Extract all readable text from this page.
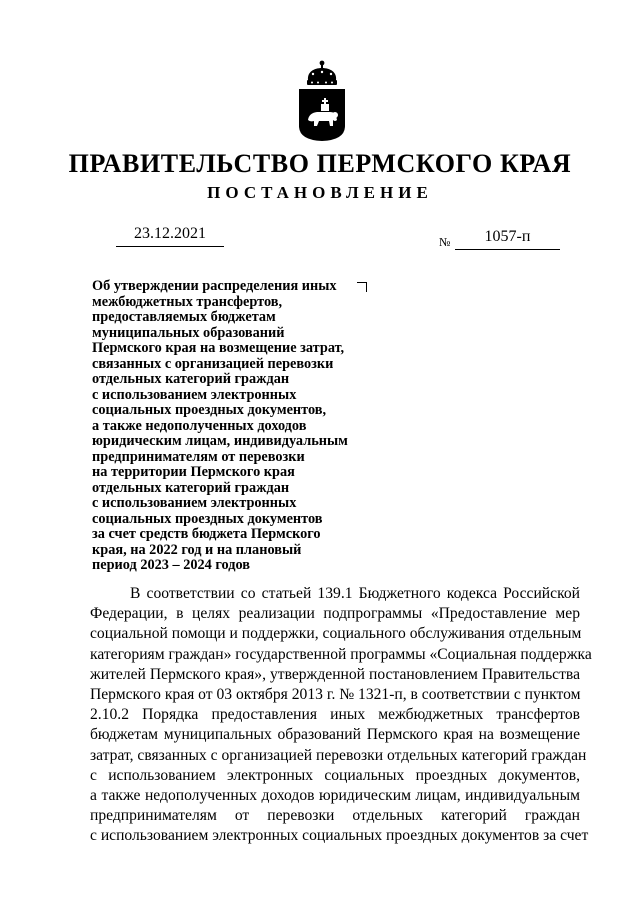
ПРАВИТЕЛЬСТВО ПЕРМСКОГО КРАЯ
ПОСТАНОВЛЕНИЕ
23.12.2021	№	1057-п
Об утверждении распределения иных
межбюджетных трансфертов,
предоставляемых бюджетам
муниципальных образований
Пермского края на возмещение затрат,
связанных с организацией перевозки
отдельных категорий граждан
с использованием электронных
социальных проездных документов,
а также недополученных доходов
юридическим лицам, индивидуальным
предпринимателям от перевозки
на территории Пермского края
отдельных категорий граждан
с использованием электронных
социальных проездных документов
за счет средств бюджета Пермского
края, на 2022 год и на плановый
период 2023 – 2024 годов
В соответствии со статьей 139.1 Бюджетного кодекса Российской
Федерации, в целях реализации подпрограммы «Предоставление мер
социальной помощи и поддержки, социального обслуживания отдельным
категориям граждан» государственной программы «Социальная поддержка
жителей Пермского края», утвержденной постановлением Правительства
Пермского края от 03 октября 2013 г. № 1321-п, в соответствии с пунктом
2.10.2 Порядка предоставления иных межбюджетных трансфертов
бюджетам муниципальных образований Пермского края на возмещение
затрат, связанных с организацией перевозки отдельных категорий граждан
с использованием электронных социальных проездных документов,
а также недополученных доходов юридическим лицам, индивидуальным
предпринимателям от перевозки отдельных категорий граждан
с использованием электронных социальных проездных документов за счет
